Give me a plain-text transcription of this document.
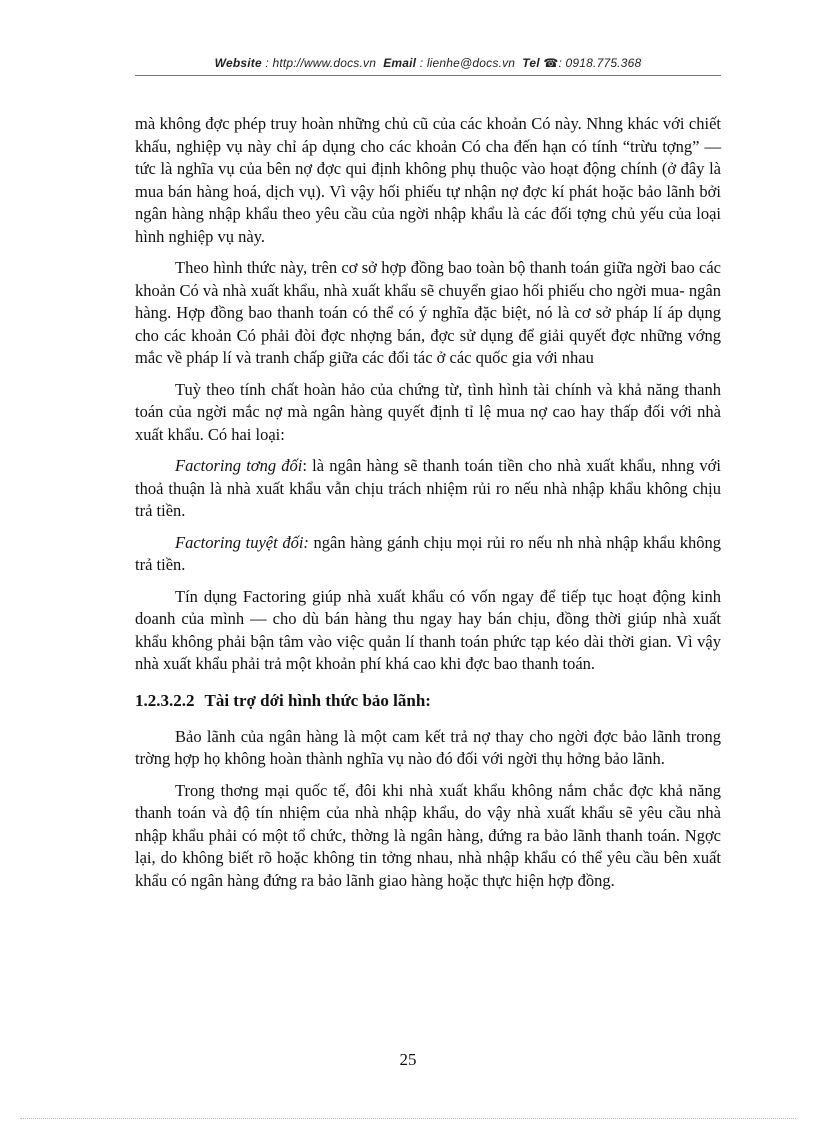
Website : http://www.docs.vn Email : lienhe@docs.vn Tel ☎: 0918.775.368

mà không đợc phép truy hoàn những chủ cũ của các khoản Có này. Nhng khác với chiết khấu, nghiệp vụ này chỉ áp dụng cho các khoản Có cha đến hạn có tính “trừu tợng” — tức là nghĩa vụ của bên nợ đợc qui định không phụ thuộc vào hoạt động chính (ở đây là mua bán hàng hoá, dịch vụ). Vì vậy hối phiếu tự nhận nợ đợc kí phát hoặc bảo lãnh bởi ngân hàng nhập khẩu theo yêu cầu của ngời nhập khẩu là các đối tợng chủ yếu của loại hình nghiệp vụ này.

Theo hình thức này, trên cơ sở hợp đồng bao toàn bộ thanh toán giữa ngời bao các khoản Có và nhà xuất khẩu, nhà xuất khẩu sẽ chuyển giao hối phiếu cho ngời mua- ngân hàng. Hợp đồng bao thanh toán có thể có ý nghĩa đặc biệt, nó là cơ sở pháp lí áp dụng cho các khoản Có phải đòi đợc nhợng bán, đợc sử dụng để giải quyết đợc những vớng mắc về pháp lí và tranh chấp giữa các đối tác ở các quốc gia với nhau

Tuỳ theo tính chất hoàn hảo của chứng từ, tình hình tài chính và khả năng thanh toán của ngời mắc nợ mà ngân hàng quyết định tỉ lệ mua nợ cao hay thấp đối với nhà xuất khẩu. Có hai loại:

Factoring tơng đối: là ngân hàng sẽ thanh toán tiền cho nhà xuất khẩu, nhng với thoả thuận là nhà xuất khẩu vẫn chịu trách nhiệm rủi ro nếu nhà nhập khẩu không chịu trả tiền.

Factoring tuyệt đối: ngân hàng gánh chịu mọi rủi ro nếu nh nhà nhập khẩu không trả tiền.

Tín dụng Factoring giúp nhà xuất khẩu có vốn ngay để tiếp tục hoạt động kinh doanh của mình — cho dù bán hàng thu ngay hay bán chịu, đồng thời giúp nhà xuất khẩu không phải bận tâm vào việc quản lí thanh toán phức tạp kéo dài thời gian. Vì vậy nhà xuất khẩu phải trả một khoản phí khá cao khi đợc bao thanh toán.

1.2.3.2.2 Tài trợ dới hình thức bảo lãnh:

Bảo lãnh của ngân hàng là một cam kết trả nợ thay cho ngời đợc bảo lãnh trong trờng hợp họ không hoàn thành nghĩa vụ nào đó đối với ngời thụ hởng bảo lãnh.

Trong thơng mại quốc tế, đôi khi nhà xuất khẩu không nắm chắc đợc khả năng thanh toán và độ tín nhiệm của nhà nhập khẩu, do vậy nhà xuất khẩu sẽ yêu cầu nhà nhập khẩu phải có một tổ chức, thờng là ngân hàng, đứng ra bảo lãnh thanh toán. Ngợc lại, do không biết rõ hoặc không tin tởng nhau, nhà nhập khẩu có thể yêu cầu bên xuất khẩu có ngân hàng đứng ra bảo lãnh giao hàng hoặc thực hiện hợp đồng.

25
